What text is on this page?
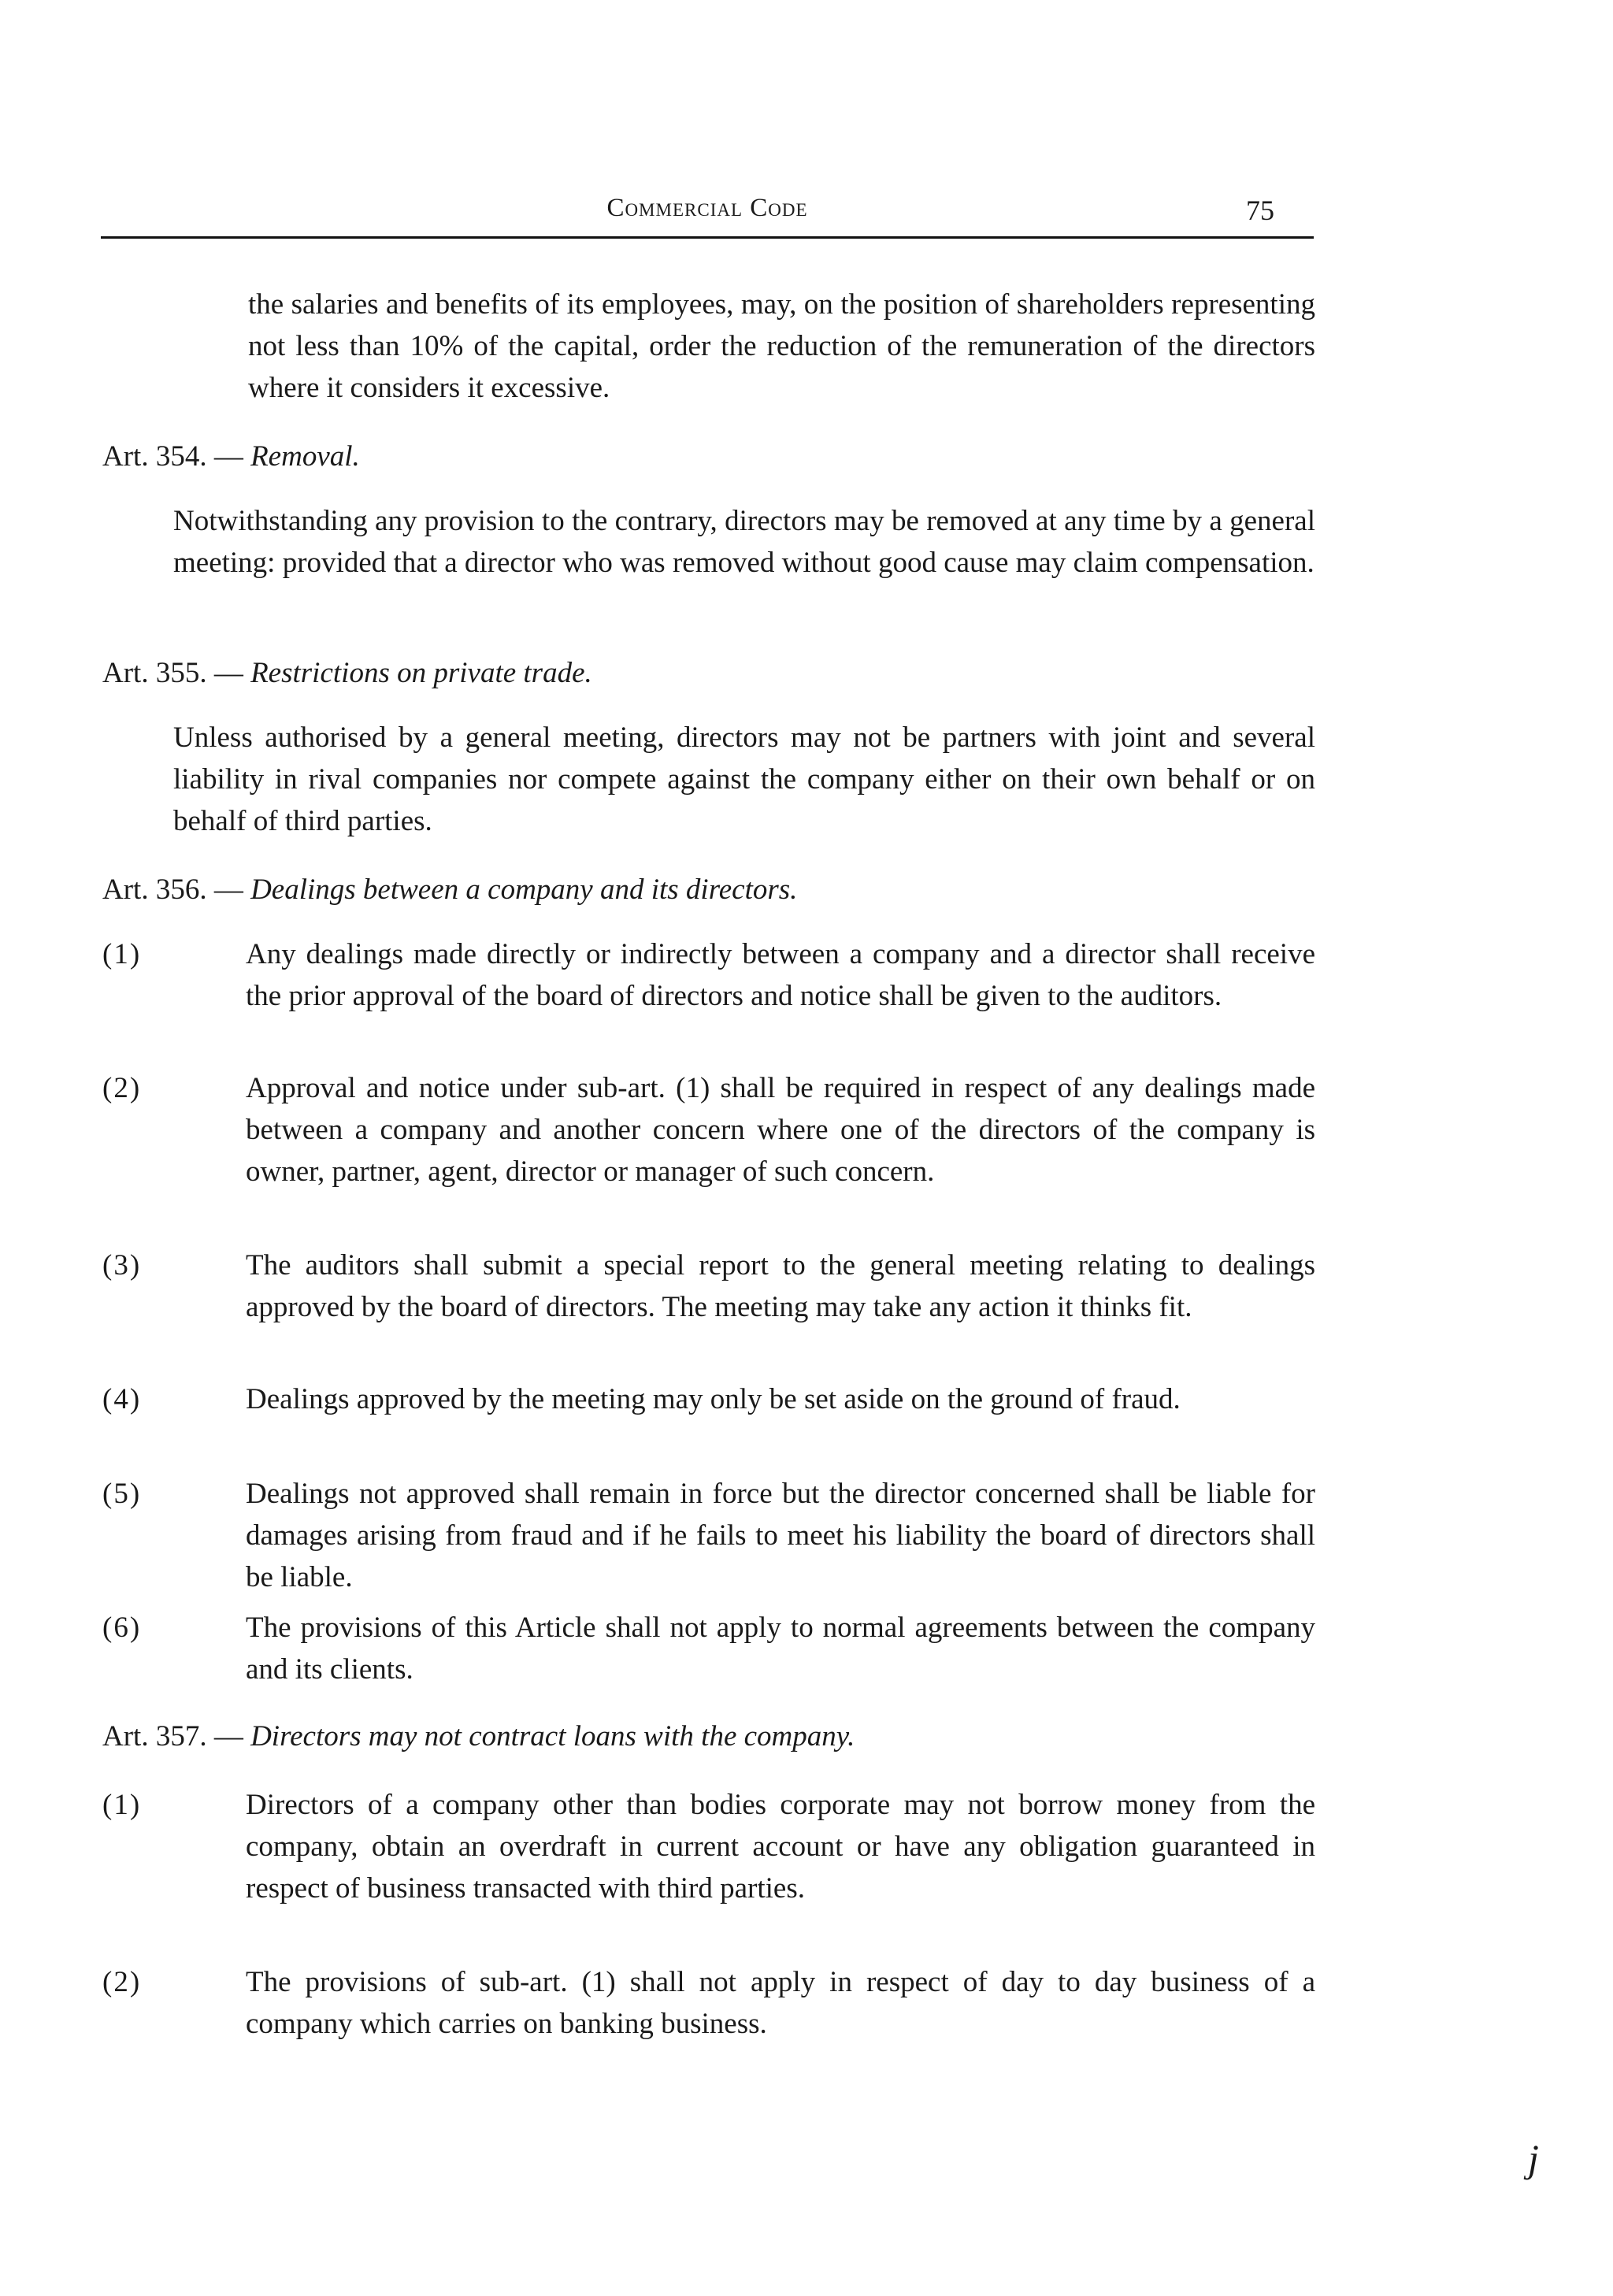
Commercial Code	75
the salaries and benefits of its employees, may, on the position of shareholders representing not less than 10% of the capital, order the reduction of the remuneration of the directors where it considers it excessive.
Art. 354. — Removal.
Notwithstanding any provision to the contrary, directors may be removed at any time by a general meeting: provided that a director who was removed without good cause may claim compensation.
Art. 355. — Restrictions on private trade.
Unless authorised by a general meeting, directors may not be partners with joint and several liability in rival companies nor compete against the company either on their own behalf or on behalf of third parties.
Art. 356. — Dealings between a company and its directors.
(1)	Any dealings made directly or indirectly between a company and a director shall receive the prior approval of the board of directors and notice shall be given to the auditors.
(2)	Approval and notice under sub-art. (1) shall be required in respect of any dealings made between a company and another concern where one of the directors of the company is owner, partner, agent, director or manager of such concern.
(3)	The auditors shall submit a special report to the general meeting relating to dealings approved by the board of directors. The meeting may take any action it thinks fit.
(4)	Dealings approved by the meeting may only be set aside on the ground of fraud.
(5)	Dealings not approved shall remain in force but the director concerned shall be liable for damages arising from fraud and if he fails to meet his liability the board of directors shall be liable.
(6)	The provisions of this Article shall not apply to normal agreements between the company and its clients.
Art. 357. — Directors may not contract loans with the company.
(1)	Directors of a company other than bodies corporate may not borrow money from the company, obtain an overdraft in current account or have any obligation guaranteed in respect of business transacted with third parties.
(2)	The provisions of sub-art. (1) shall not apply in respect of day to day business of a company which carries on banking business.
j
